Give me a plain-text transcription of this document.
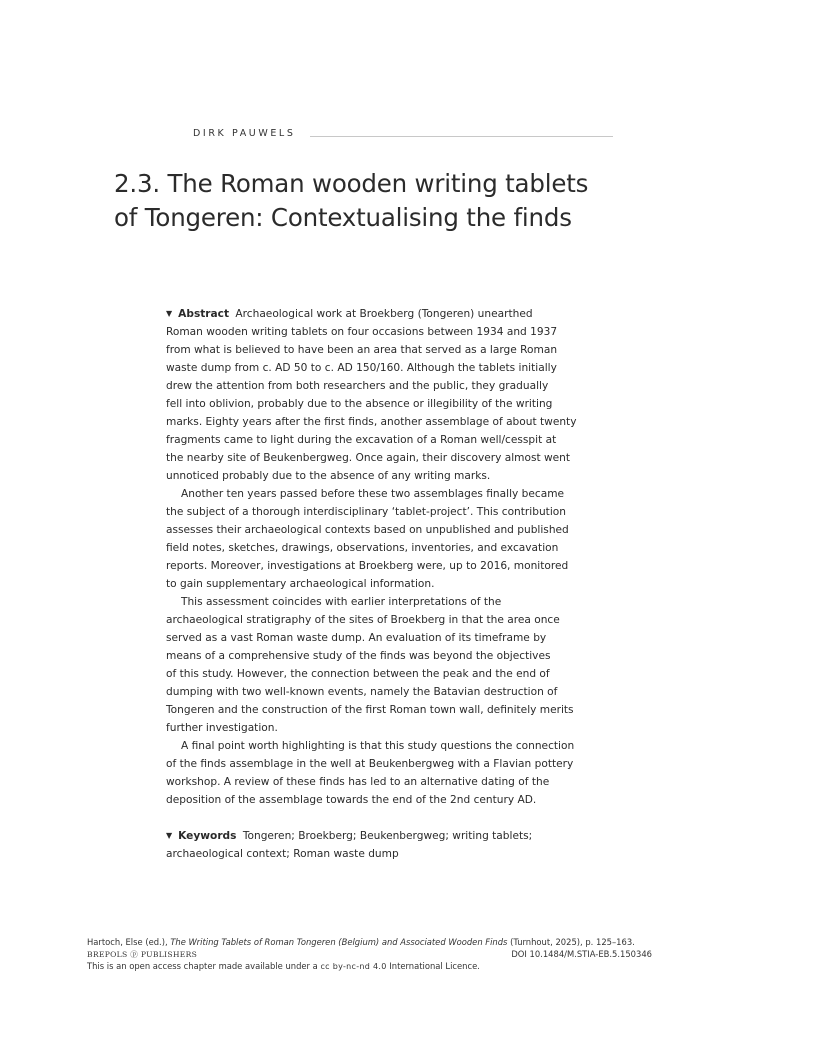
DIRK PAUWELS
2.3. The Roman wooden writing tablets
of Tongeren: Contextualising the finds
▼ Abstract Archaeological work at Broekberg (Tongeren) unearthed
Roman wooden writing tablets on four occasions between 1934 and 1937
from what is believed to have been an area that served as a large Roman
waste dump from c. AD 50 to c. AD 150/160. Although the tablets initially
drew the attention from both researchers and the public, they gradually
fell into oblivion, probably due to the absence or illegibility of the writing
marks. Eighty years after the first finds, another assemblage of about twenty
fragments came to light during the excavation of a Roman well/cesspit at
the nearby site of Beukenbergweg. Once again, their discovery almost went
unnoticed probably due to the absence of any writing marks.
Another ten years passed before these two assemblages finally became
the subject of a thorough interdisciplinary ‘tablet-project’. This contribution
assesses their archaeological contexts based on unpublished and published
field notes, sketches, drawings, observations, inventories, and excavation
reports. Moreover, investigations at Broekberg were, up to 2016, monitored
to gain supplementary archaeological information.
This assessment coincides with earlier interpretations of the
archaeological stratigraphy of the sites of Broekberg in that the area once
served as a vast Roman waste dump. An evaluation of its timeframe by
means of a comprehensive study of the finds was beyond the objectives
of this study. However, the connection between the peak and the end of
dumping with two well-known events, namely the Batavian destruction of
Tongeren and the construction of the first Roman town wall, definitely merits
further investigation.
A final point worth highlighting is that this study questions the connection
of the finds assemblage in the well at Beukenbergweg with a Flavian pottery
workshop. A review of these finds has led to an alternative dating of the
deposition of the assemblage towards the end of the 2nd century AD.
▼ Keywords Tongeren; Broekberg; Beukenbergweg; writing tablets;
archaeological context; Roman waste dump
Hartoch, Else (ed.), The Writing Tablets of Roman Tongeren (Belgium) and Associated Wooden Finds (Turnhout, 2025), p. 125–163.
BREPOLS ⓟ PUBLISHERS	DOI 10.1484/M.STIA-EB.5.150346
This is an open access chapter made available under a cc by-nc-nd 4.0 International Licence.
